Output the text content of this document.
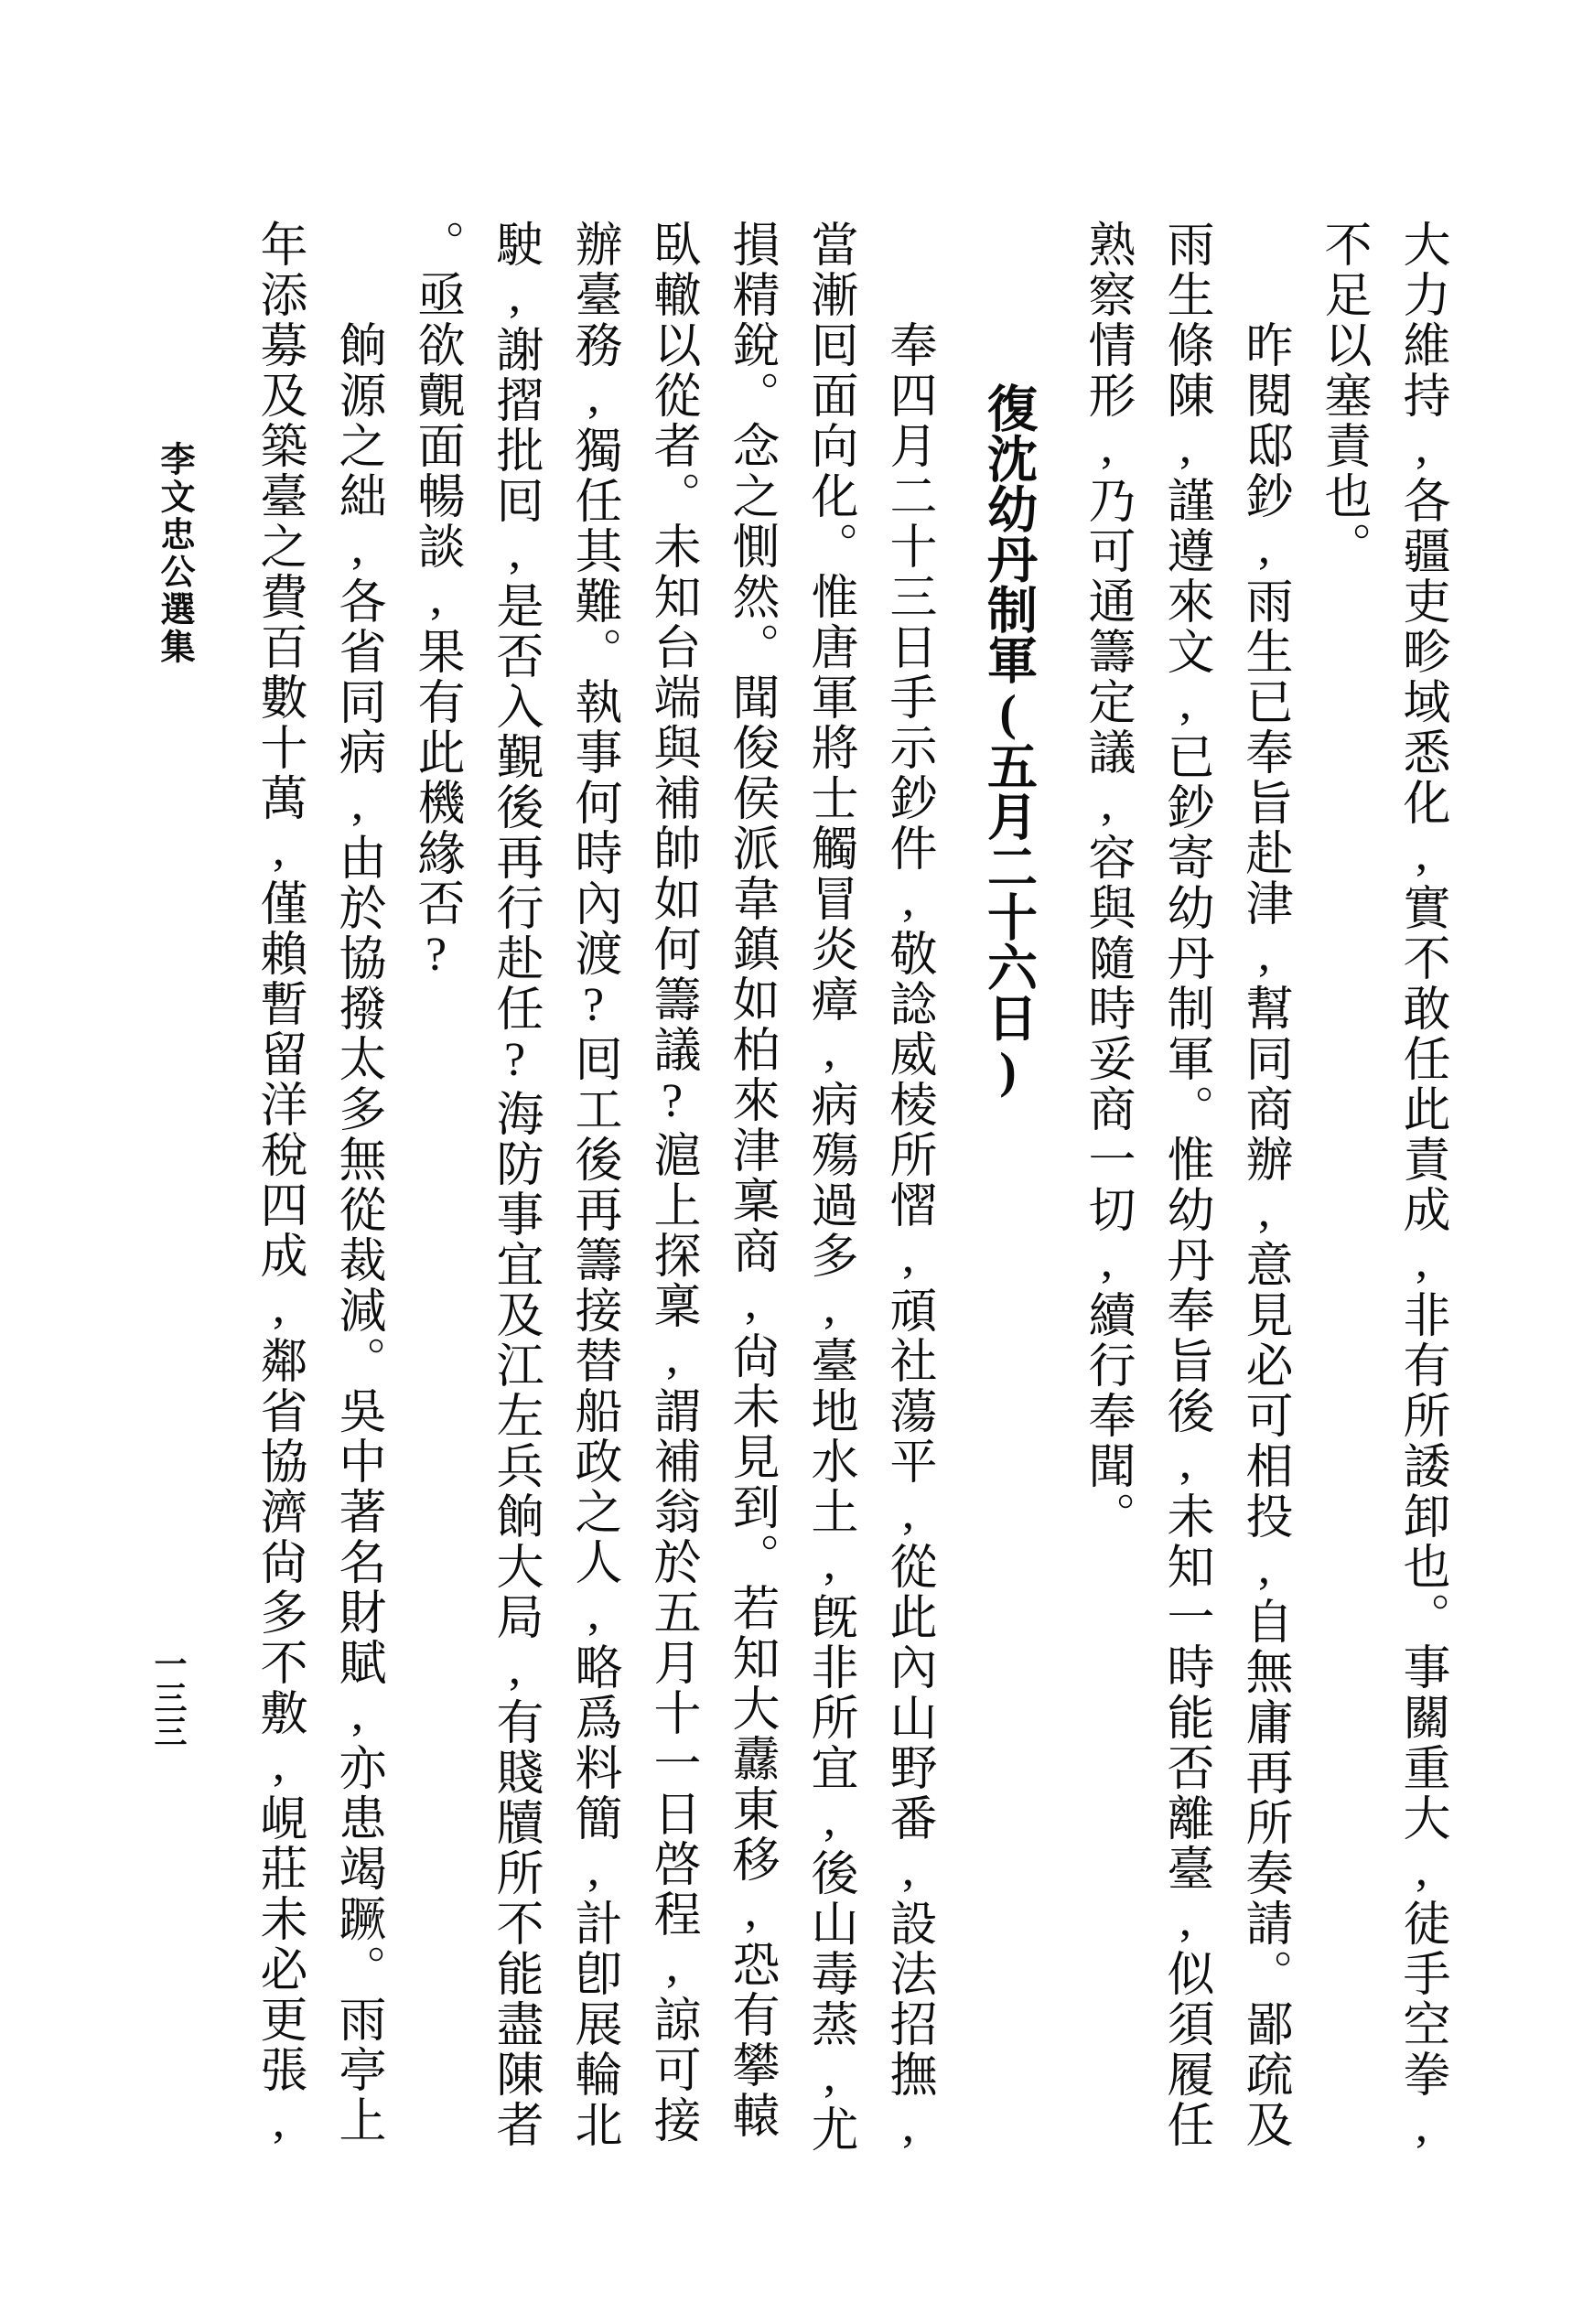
李文忠公選集
一三三	大力維持,各疆吏畛域悉化,實不敢任此責成,非有所諉卸也。事關重大,徒手空拳,
不足以塞責也。
昨閱邸鈔,雨生已奉旨赴津,幫同商辦,意見必可相投,自無庸再所奏請。鄙疏及
雨生條陳,謹遵來文,已鈔寄幼丹制軍。惟幼丹奉旨後,未知一時能否離臺,似須履任
熟察情形,乃可通籌定議,容與隨時妥商一切,續行奉聞。
復沈幼丹制軍(五月二十六日)
奉四月二十三日手示鈔件,敬諗威棱所慴,頑社蕩平,從此內山野番,設法招撫,
當漸囘面向化。惟唐軍將士觸冒炎瘴,病殤過多,臺地水土,旣非所宜,後山毒蒸,尤
損精銳。念之惻然。聞俊侯派韋鎮如柏來津稟商,尙未見到。若知大纛東移,恐有攀轅
臥轍以從者。未知台端與補帥如何籌議?滬上探稟,謂補翁於五月十一日啓程,諒可接
辦臺務,獨任其難。執事何時內渡?囘工後再籌接替船政之人,略爲料簡,計卽展輪北
駛,謝摺批囘,是否入覲後再行赴任?海防事宜及江左兵餉大局,有賤牘所不能盡陳者
。亟欲覿面暢談,果有此機緣否?
餉源之絀,各省同病,由於協撥太多無從裁減。吳中著名財賦,亦患竭蹶。雨亭上
年添募及築臺之費百數十萬,僅賴暫留洋稅四成,鄰省協濟尙多不敷,峴莊未必更張,
